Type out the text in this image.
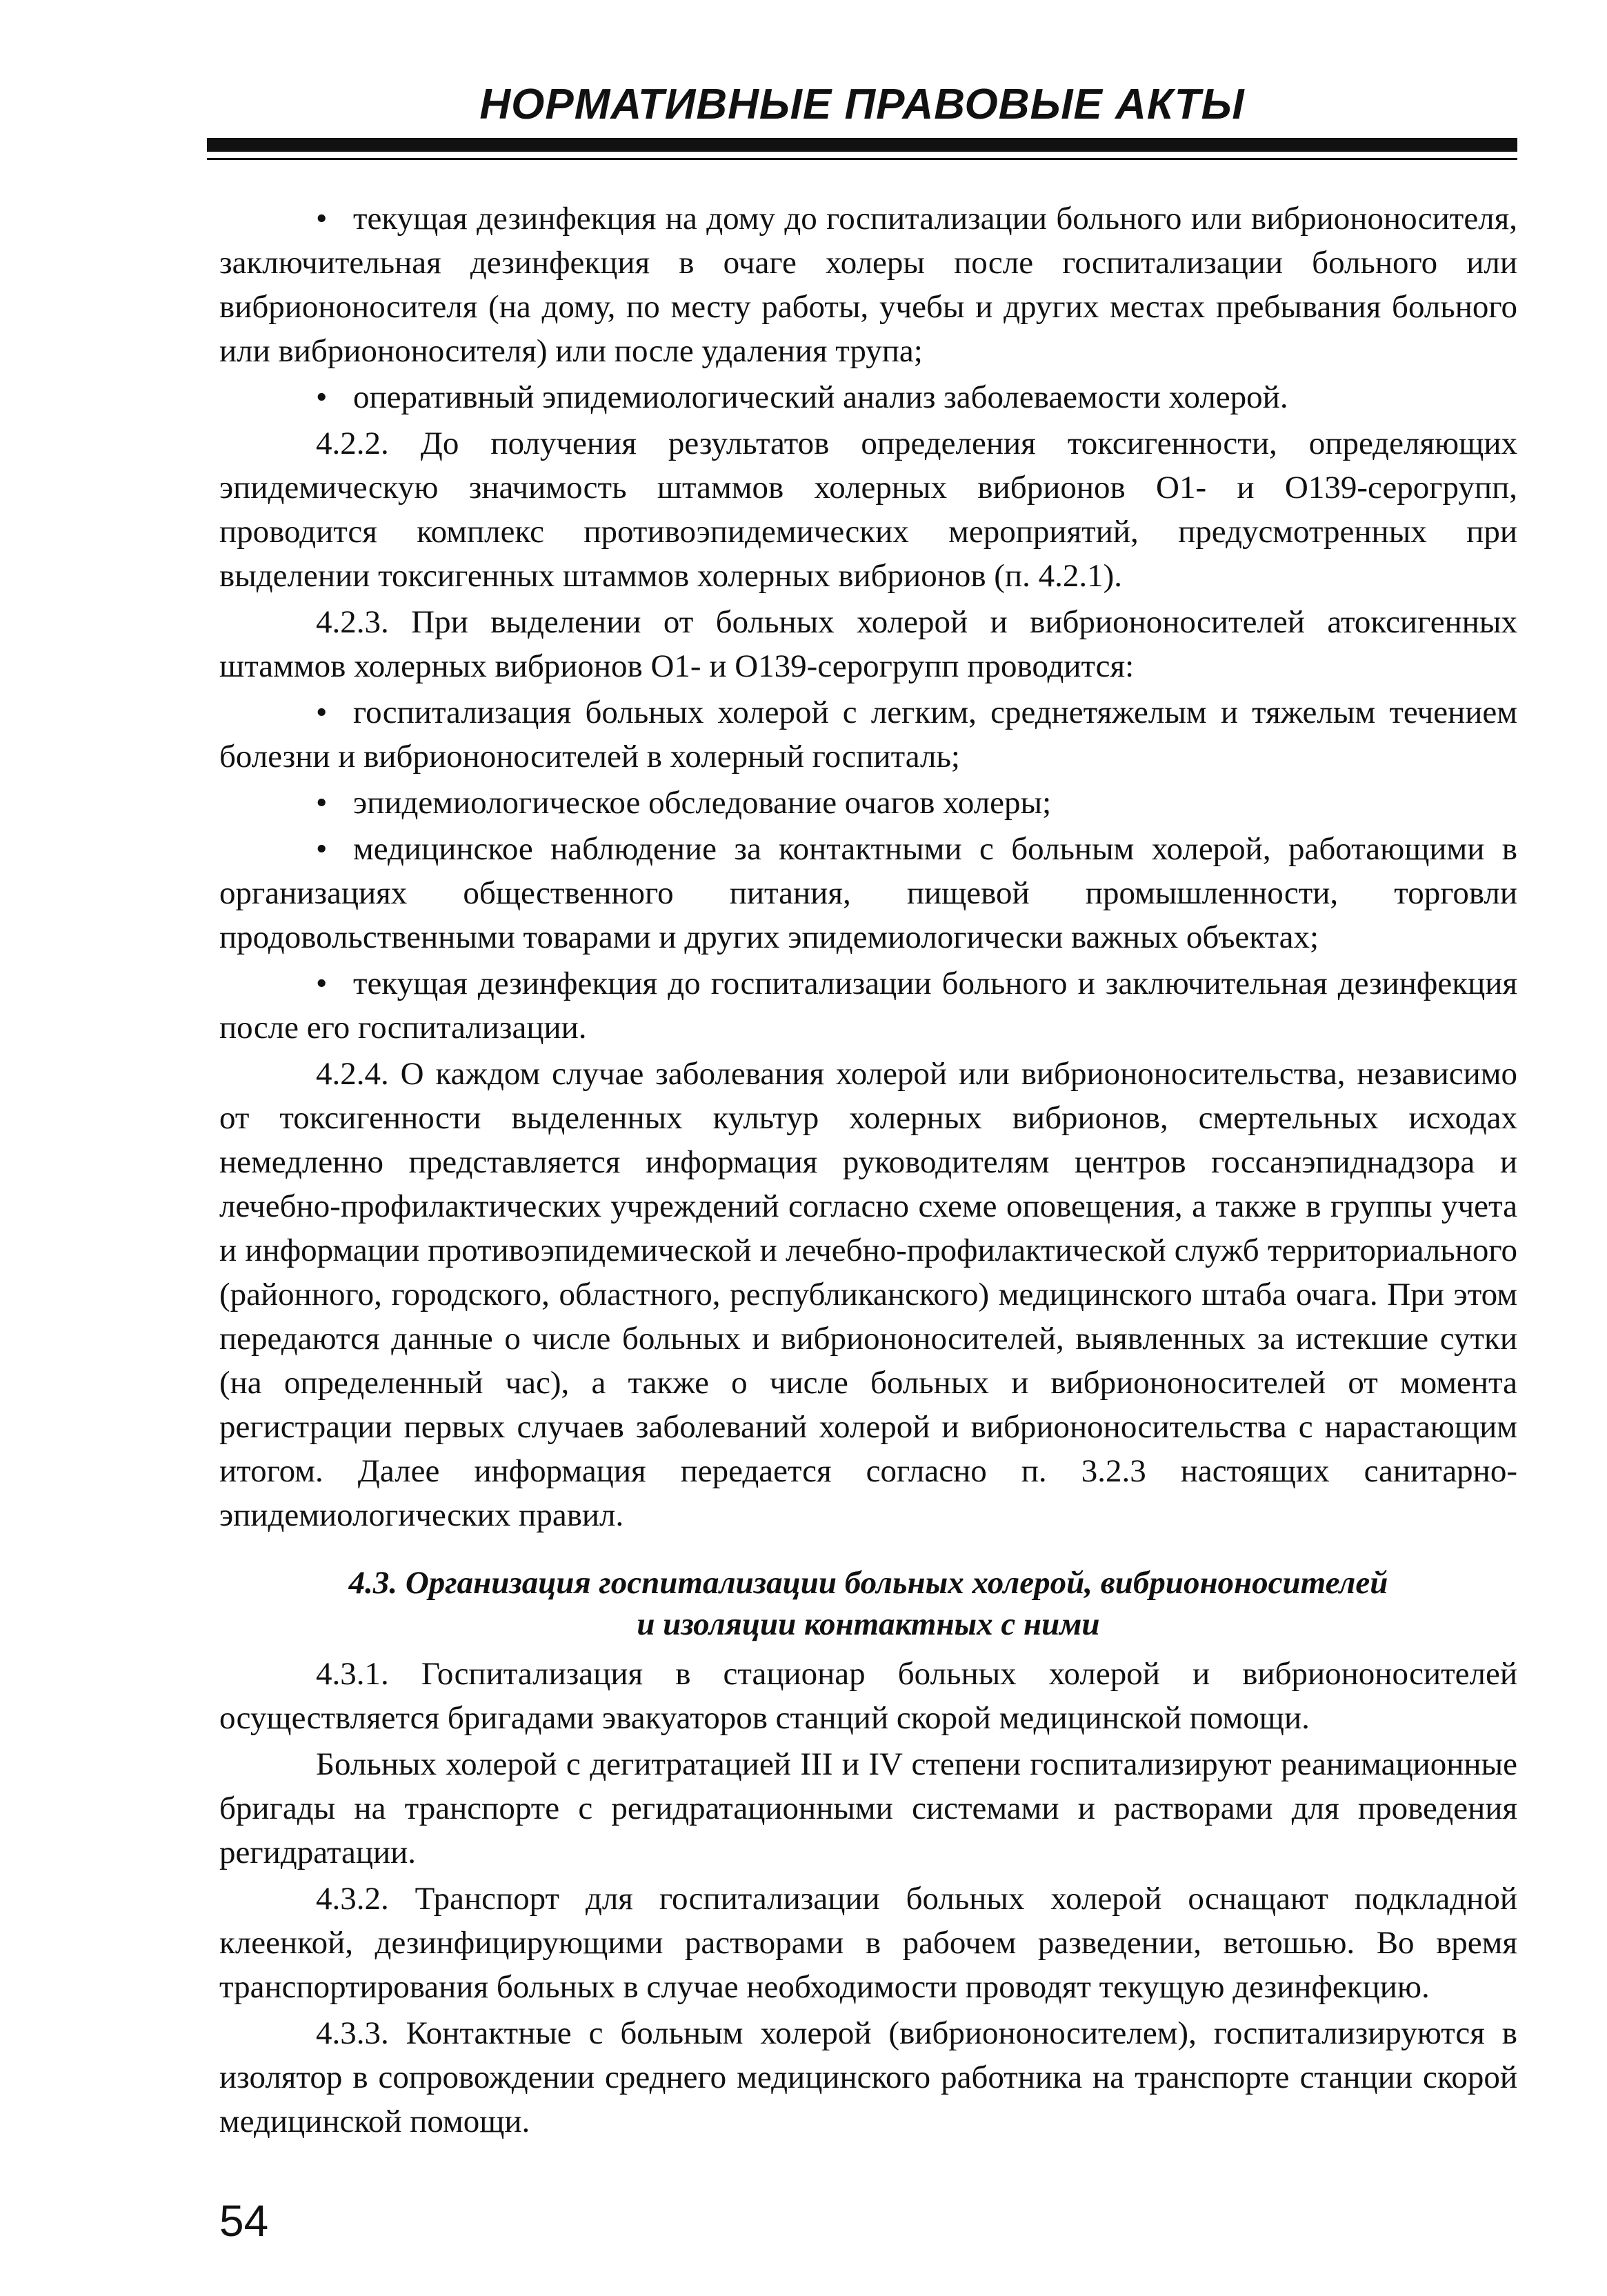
НОРМАТИВНЫЕ ПРАВОВЫЕ АКТЫ

• текущая дезинфекция на дому до госпитализации больного или вибриононосителя, заключительная дезинфекция в очаге холеры после госпитализации больного или вибриононосителя (на дому, по месту работы, учебы и других местах пребывания больного или вибриононосителя) или после удаления трупа;

• оперативный эпидемиологический анализ заболеваемости холерой.

4.2.2. До получения результатов определения токсигенности, определяющих эпидемическую значимость штаммов холерных вибрионов О1- и О139-серогрупп, проводится комплекс противоэпидемических мероприятий, предусмотренных при выделении токсигенных штаммов холерных вибрионов (п. 4.2.1).

4.2.3. При выделении от больных холерой и вибриононосителей атоксигенных штаммов холерных вибрионов О1- и О139-серогрупп проводится:

• госпитализация больных холерой с легким, среднетяжелым и тяжелым течением болезни и вибриононосителей в холерный госпиталь;

• эпидемиологическое обследование очагов холеры;

• медицинское наблюдение за контактными с больным холерой, работающими в организациях общественного питания, пищевой промышленности, торговли продовольственными товарами и других эпидемиологически важных объектах;

• текущая дезинфекция до госпитализации больного и заключительная дезинфекция после его госпитализации.

4.2.4. О каждом случае заболевания холерой или вибриононосительства, независимо от токсигенности выделенных культур холерных вибрионов, смертельных исходах немедленно представляется информация руководителям центров госсанэпиднадзора и лечебно-профилактических учреждений согласно схеме оповещения, а также в группы учета и информации противоэпидемической и лечебно-профилактической служб территориального (районного, городского, областного, республиканского) медицинского штаба очага. При этом передаются данные о числе больных и вибриононосителей, выявленных за истекшие сутки (на определенный час), а также о числе больных и вибриононосителей от момента регистрации первых случаев заболеваний холерой и вибриононосительства с нарастающим итогом. Далее информация передается согласно п. 3.2.3 настоящих санитарно-эпидемиологических правил.

4.3. Организация госпитализации больных холерой, вибриононосителей
и изоляции контактных с ними

4.3.1. Госпитализация в стационар больных холерой и вибриононосителей осуществляется бригадами эвакуаторов станций скорой медицинской помощи.

Больных холерой с дегитратацией III и IV степени госпитализируют реанимационные бригады на транспорте с регидратационными системами и растворами для проведения регидратации.

4.3.2. Транспорт для госпитализации больных холерой оснащают подкладной клеенкой, дезинфицирующими растворами в рабочем разведении, ветошью. Во время транспортирования больных в случае необходимости проводят текущую дезинфекцию.

4.3.3. Контактные с больным холерой (вибриононосителем), госпитализируются в изолятор в сопровождении среднего медицинского работника на транспорте станции скорой медицинской помощи.

54
